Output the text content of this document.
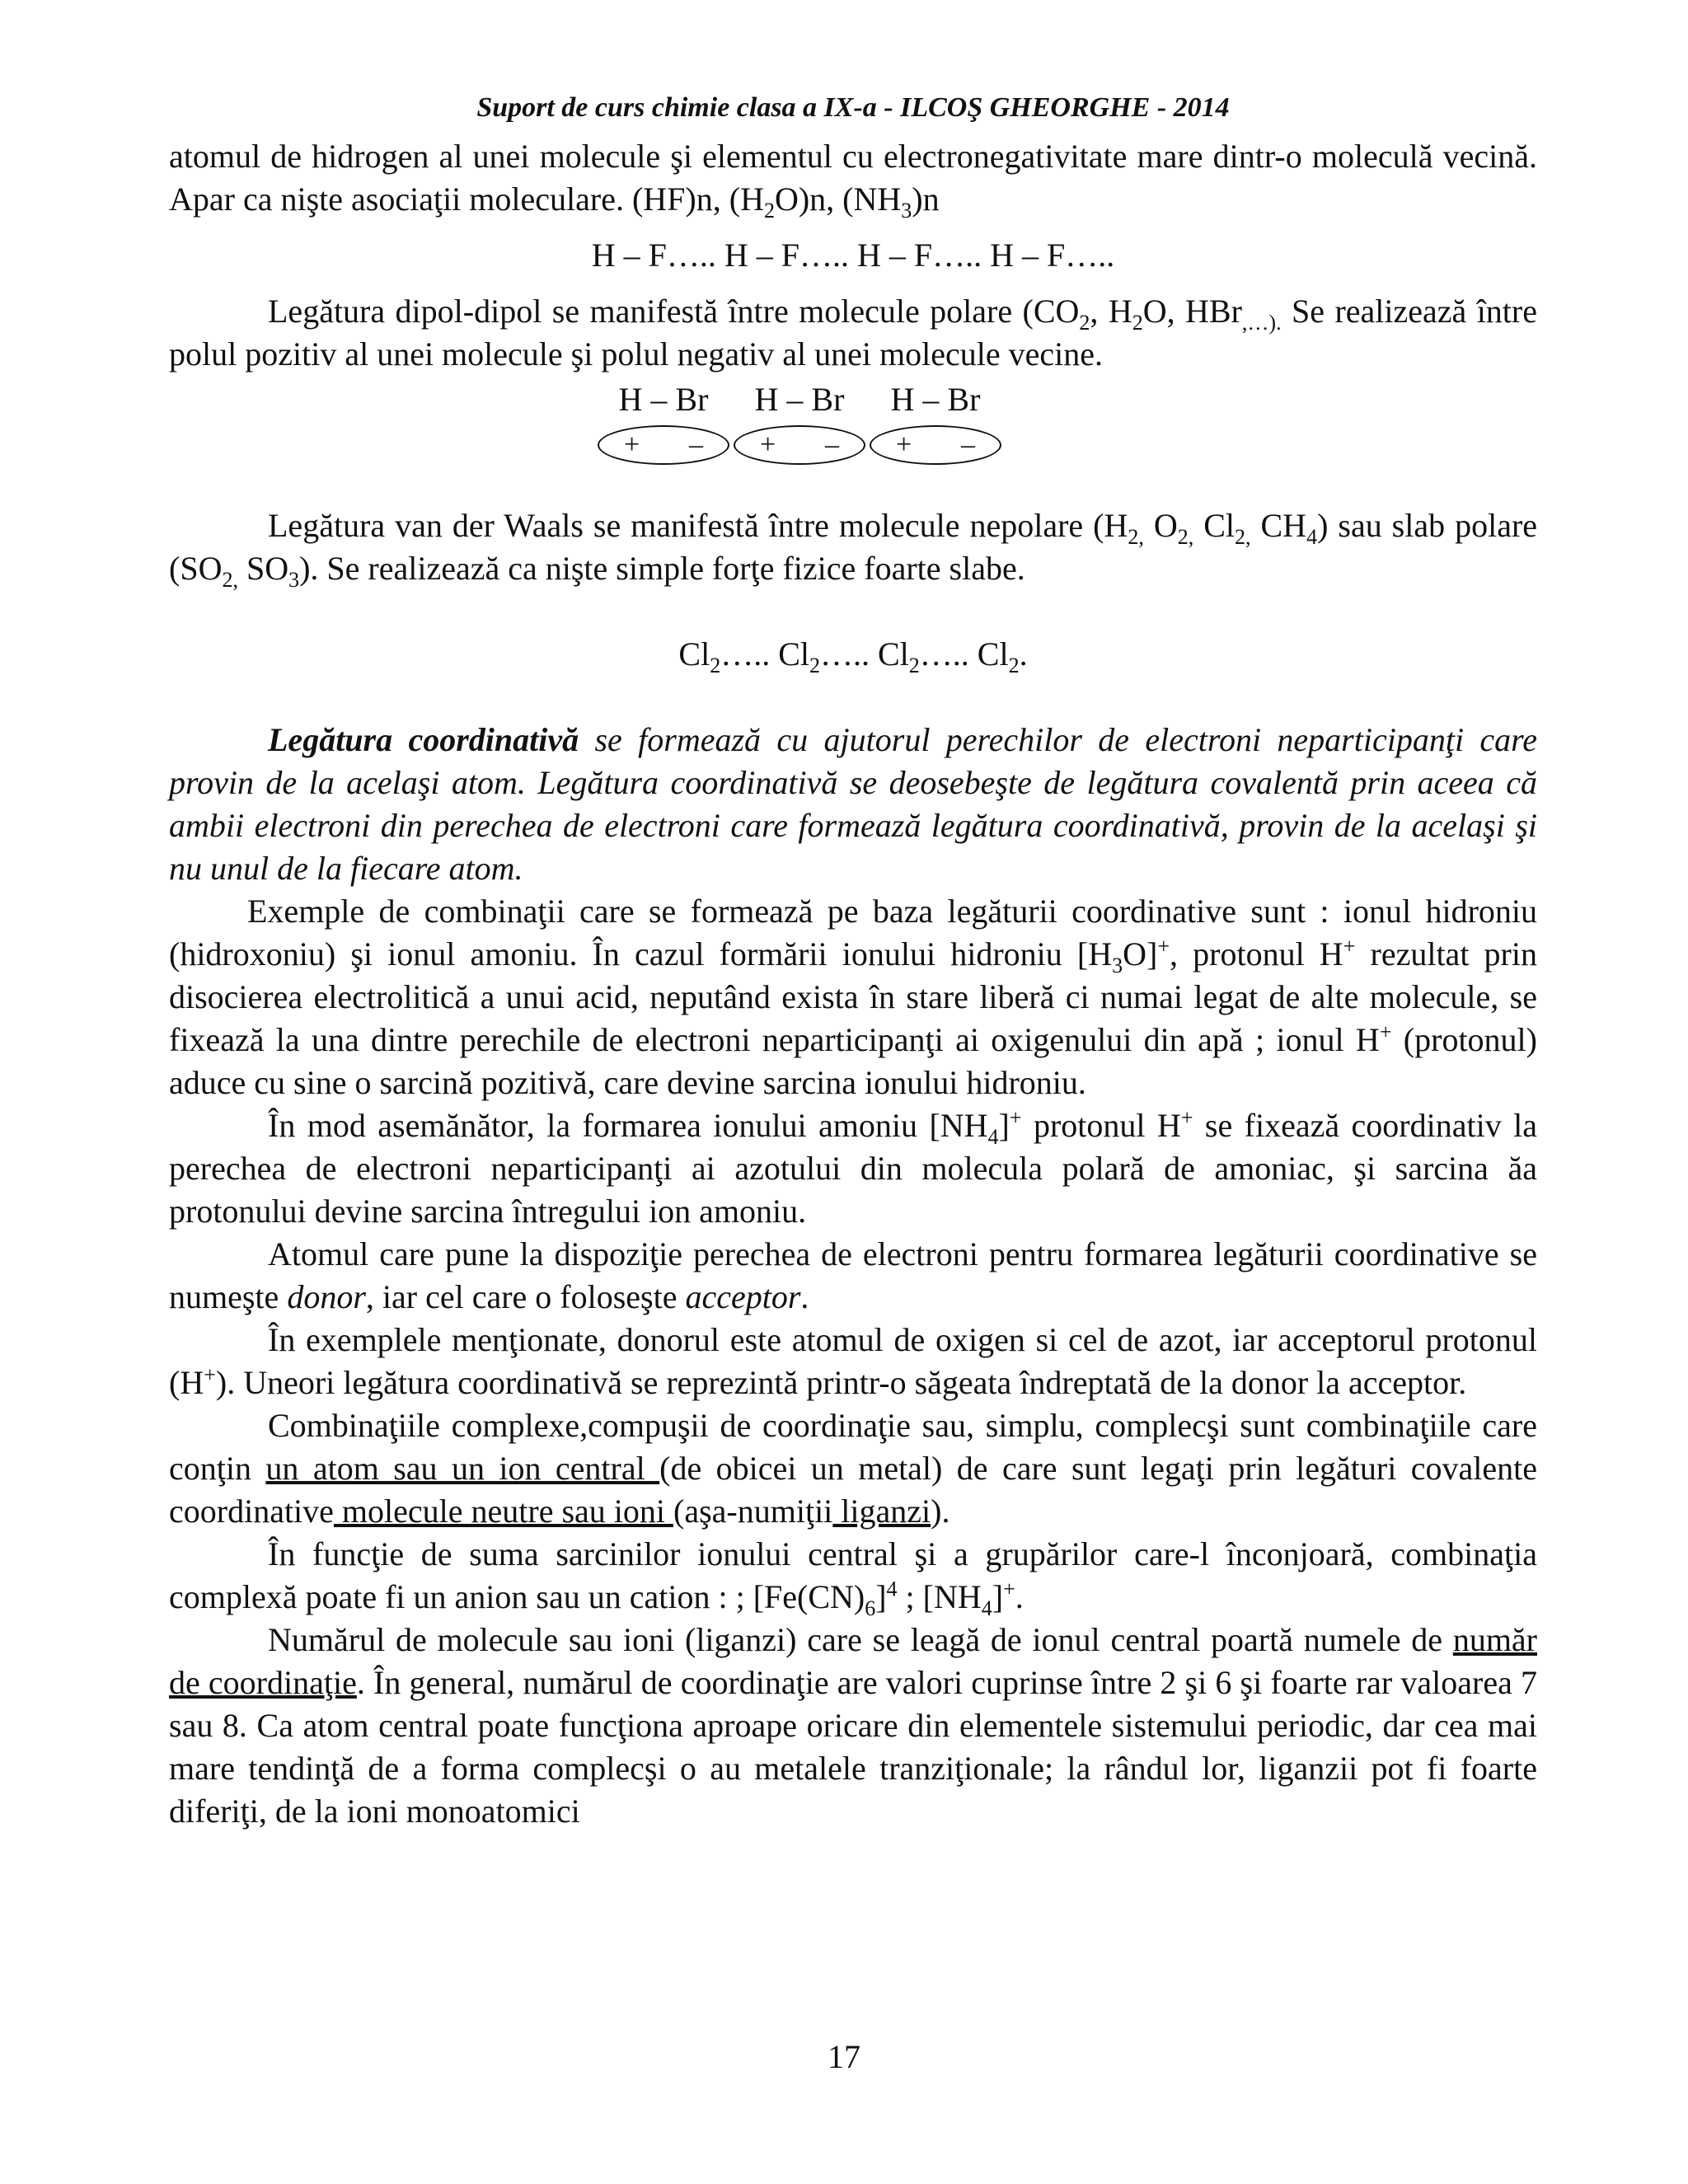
Suport de curs chimie clasa a IX-a - ILCOŞ GHEORGHE - 2014

atomul de hidrogen al unei molecule şi elementul cu electronegativitate mare dintr-o moleculă vecină. Apar ca nişte asociaţii moleculare. (HF)n, $(H_2O)n$, $(NH_3)n$

H – F….. H – F….. H – F….. H – F…..

Legătura dipol-dipol se manifestă între molecule polare ($CO_2$, $H_2O$, HBr$_{,\dots).}$ Se realizează între polul pozitiv al unei molecule şi polul negativ al unei molecule vecine.

H – Br
+ –
H – Br
+ –
H – Br
+ –

Legătura van der Waals se manifestă între molecule nepolare ($H_{2,}$ $O_{2,}$ $Cl_{2,}$ $CH_4$) sau slab polare ($SO_{2,}$ $SO_3$). Se realizează ca nişte simple forţe fizice foarte slabe.

$Cl_2\dots$.. $Cl_2\dots$.. $Cl_2\dots$.. $Cl_2$.

Legătura coordinativă se formează cu ajutorul perechilor de electroni neparticipanţi care provin de la acelaşi atom. Legătura coordinativă se deosebeşte de legătura covalentă prin aceea că ambii electroni din perechea de electroni care formează legătura coordinativă, provin de la acelaşi şi nu unul de la fiecare atom.

Exemple de combinaţii care se formează pe baza legăturii coordinative sunt : ionul hidroniu (hidroxoniu) şi ionul amoniu. În cazul formării ionului hidroniu $[H_3O]^+$, protonul H+ rezultat prin disocierea electrolitică a unui acid, neputând exista în stare liberă ci numai legat de alte molecule, se fixează la una dintre perechile de electroni neparticipanţi ai oxigenului din apă ; ionul H+ (protonul) aduce cu sine o sarcină pozitivă, care devine sarcina ionului hidroniu.

În mod asemănător, la formarea ionului amoniu $[NH_4]^+$ protonul H+ se fixează coordinativ la perechea de electroni neparticipanţi ai azotului din molecula polară de amoniac, şi sarcina ăa protonului devine sarcina întregului ion amoniu.

Atomul care pune la dispoziţie perechea de electroni pentru formarea legăturii coordinative se numeşte donor, iar cel care o foloseşte acceptor.

În exemplele menţionate, donorul este atomul de oxigen si cel de azot, iar acceptorul protonul (H+). Uneori legătura coordinativă se reprezintă printr-o săgeata îndreptată de la donor la acceptor.

Combinaţiile complexe,compuşii de coordinaţie sau, simplu, complecşi sunt combinaţiile care conţin un atom sau un ion central (de obicei un metal) de care sunt legaţi prin legături covalente coordinative molecule neutre sau ioni (aşa-numiţii liganzi).

În funcţie de suma sarcinilor ionului central şi a grupărilor care-l înconjoară, combinaţia complexă poate fi un anion sau un cation : ; $[Fe(CN)_6]^4$ ; $[NH_4]^+$.

Numărul de molecule sau ioni (liganzi) care se leagă de ionul central poartă numele de număr de coordinaţie. În general, numărul de coordinaţie are valori cuprinse între 2 şi 6 şi foarte rar valoarea 7 sau 8. Ca atom central poate funcţiona aproape oricare din elementele sistemului periodic, dar cea mai mare tendinţă de a forma complecşi o au metalele tranziţionale; la rândul lor, liganzii pot fi foarte diferiţi, de la ioni monoatomici

17
